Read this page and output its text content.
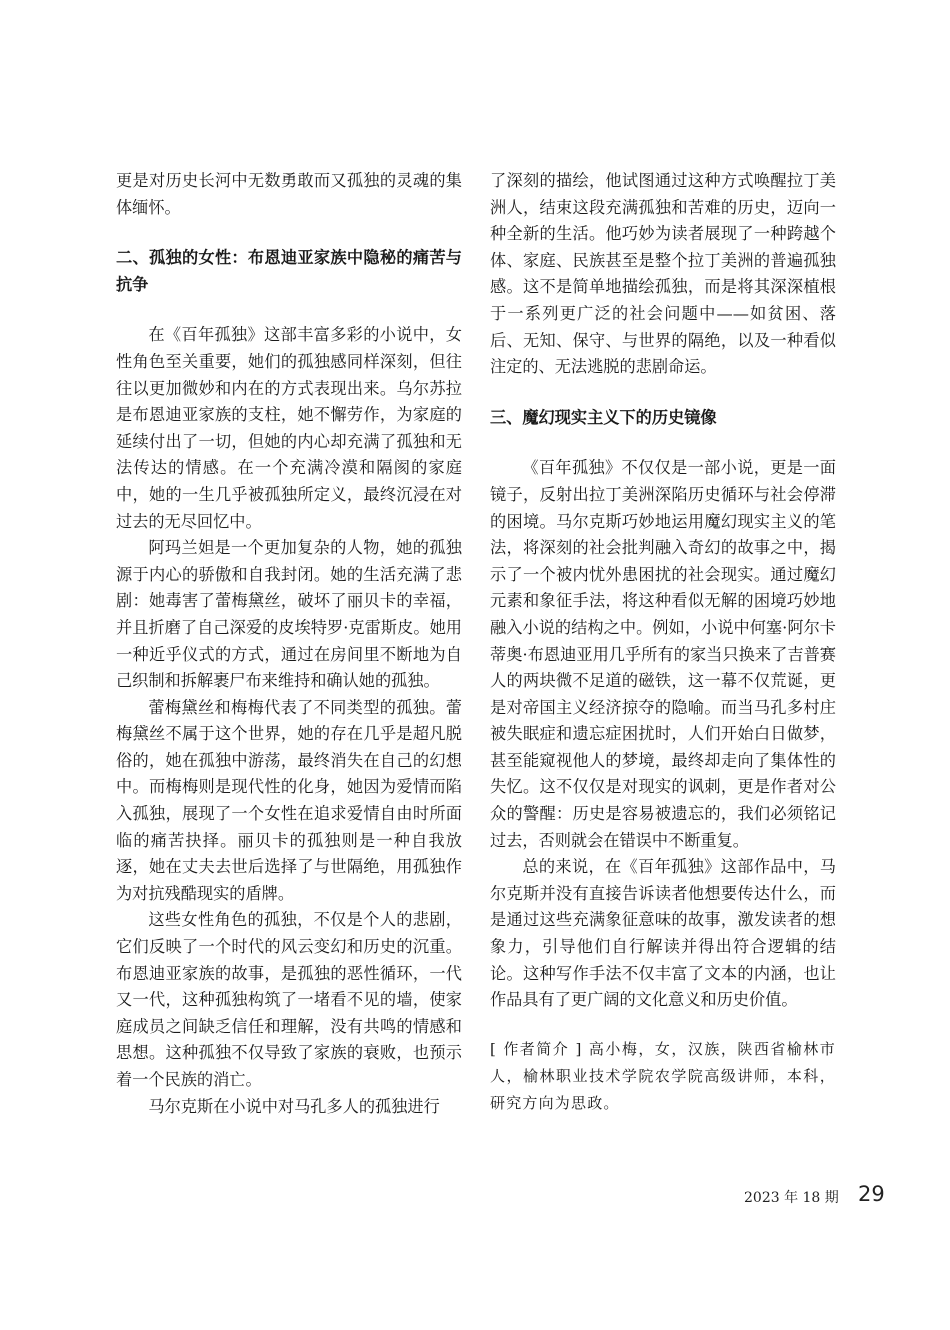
更是对历史长河中无数勇敢而又孤独的灵魂的集体缅怀。

二、孤独的女性：布恩迪亚家族中隐秘的痛苦与抗争

在《百年孤独》这部丰富多彩的小说中，女性角色至关重要，她们的孤独感同样深刻，但往往以更加微妙和内在的方式表现出来。乌尔苏拉是布恩迪亚家族的支柱，她不懈劳作，为家庭的延续付出了一切，但她的内心却充满了孤独和无法传达的情感。在一个充满冷漠和隔阂的家庭中，她的一生几乎被孤独所定义，最终沉浸在对过去的无尽回忆中。

阿玛兰妲是一个更加复杂的人物，她的孤独源于内心的骄傲和自我封闭。她的生活充满了悲剧：她毒害了蕾梅黛丝，破坏了丽贝卡的幸福，并且折磨了自己深爱的皮埃特罗·克雷斯皮。她用一种近乎仪式的方式，通过在房间里不断地为自己织制和拆解裹尸布来维持和确认她的孤独。

蕾梅黛丝和梅梅代表了不同类型的孤独。蕾梅黛丝不属于这个世界，她的存在几乎是超凡脱俗的，她在孤独中游荡，最终消失在自己的幻想中。而梅梅则是现代性的化身，她因为爱情而陷入孤独，展现了一个女性在追求爱情自由时所面临的痛苦抉择。丽贝卡的孤独则是一种自我放逐，她在丈夫去世后选择了与世隔绝，用孤独作为对抗残酷现实的盾牌。

这些女性角色的孤独，不仅是个人的悲剧，它们反映了一个时代的风云变幻和历史的沉重。布恩迪亚家族的故事，是孤独的恶性循环，一代又一代，这种孤独构筑了一堵看不见的墙，使家庭成员之间缺乏信任和理解，没有共鸣的情感和思想。这种孤独不仅导致了家族的衰败，也预示着一个民族的消亡。

马尔克斯在小说中对马孔多人的孤独进行

了深刻的描绘，他试图通过这种方式唤醒拉丁美洲人，结束这段充满孤独和苦难的历史，迈向一种全新的生活。他巧妙为读者展现了一种跨越个体、家庭、民族甚至是整个拉丁美洲的普遍孤独感。这不是简单地描绘孤独，而是将其深深植根于一系列更广泛的社会问题中——如贫困、落后、无知、保守、与世界的隔绝，以及一种看似注定的、无法逃脱的悲剧命运。

三、魔幻现实主义下的历史镜像

《百年孤独》不仅仅是一部小说，更是一面镜子，反射出拉丁美洲深陷历史循环与社会停滞的困境。马尔克斯巧妙地运用魔幻现实主义的笔法，将深刻的社会批判融入奇幻的故事之中，揭示了一个被内忧外患困扰的社会现实。通过魔幻元素和象征手法，将这种看似无解的困境巧妙地融入小说的结构之中。例如，小说中何塞·阿尔卡蒂奥·布恩迪亚用几乎所有的家当只换来了吉普赛人的两块微不足道的磁铁，这一幕不仅荒诞，更是对帝国主义经济掠夺的隐喻。而当马孔多村庄被失眠症和遗忘症困扰时，人们开始白日做梦，甚至能窥视他人的梦境，最终却走向了集体性的失忆。这不仅仅是对现实的讽刺，更是作者对公众的警醒：历史是容易被遗忘的，我们必须铭记过去，否则就会在错误中不断重复。

总的来说，在《百年孤独》这部作品中，马尔克斯并没有直接告诉读者他想要传达什么，而是通过这些充满象征意味的故事，激发读者的想象力，引导他们自行解读并得出符合逻辑的结论。这种写作手法不仅丰富了文本的内涵，也让作品具有了更广阔的文化意义和历史价值。

[ 作者简介 ] 高小梅，女，汉族，陕西省榆林市人，榆林职业技术学院农学院高级讲师，本科，研究方向为思政。

2023 年 18 期 29
